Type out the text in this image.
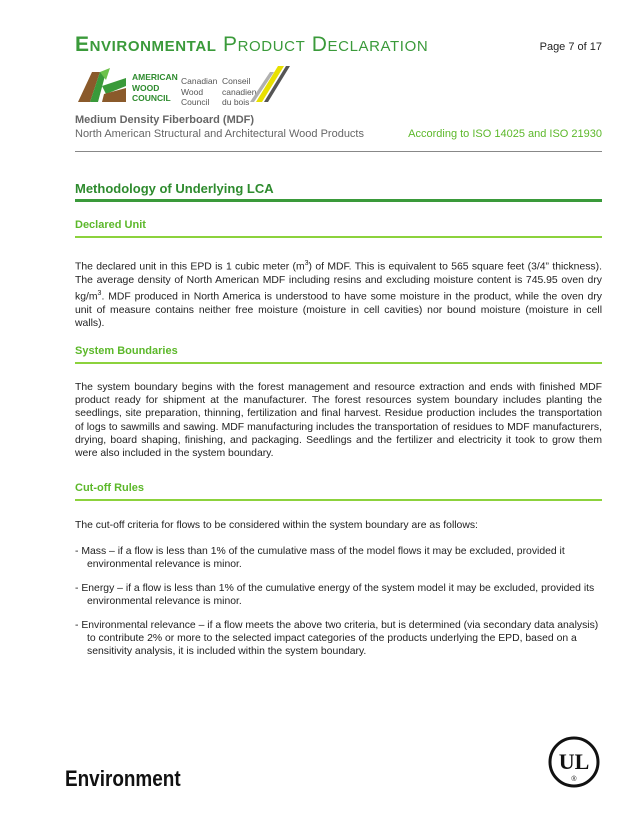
Environmental Product Declaration	Page 7 of 17
AMERICAN
WOOD
COUNCIL
Canadian
Wood
Council
Conseil
canadien
du bois
Medium Density Fiberboard (MDF)
North American Structural and Architectural Wood Products	According to ISO 14025 and ISO 21930
Methodology of Underlying LCA
Declared Unit
The declared unit in this EPD is 1 cubic meter $(m^3)$ of MDF. This is equivalent to 565 square feet (3/4” thickness). The average density of North American MDF including resins and excluding moisture content is 745.95 oven dry $kg/m^3$. MDF produced in North America is understood to have some moisture in the product, while the oven dry unit of measure contains neither free moisture (moisture in cell cavities) nor bound moisture (moisture in cell walls).
System Boundaries
The system boundary begins with the forest management and resource extraction and ends with finished MDF product ready for shipment at the manufacturer. The forest resources system boundary includes planting the seedlings, site preparation, thinning, fertilization and final harvest. Residue production includes the transportation of logs to sawmills and sawing. MDF manufacturing includes the transportation of residues to MDF manufacturers, drying, board shaping, finishing, and packaging. Seedlings and the fertilizer and electricity it took to grow them were also included in the system boundary.
Cut-off Rules
The cut-off criteria for flows to be considered within the system boundary are as follows:
- Mass – if a flow is less than 1% of the cumulative mass of the model flows it may be excluded, provided it environmental relevance is minor.
- Energy – if a flow is less than 1% of the cumulative energy of the system model it may be excluded, provided its environmental relevance is minor.
- Environmental relevance – if a flow meets the above two criteria, but is determined (via secondary data analysis) to contribute 2% or more to the selected impact categories of the products underlying the EPD, based on a sensitivity analysis, it is included within the system boundary.
Environment
UL
®
